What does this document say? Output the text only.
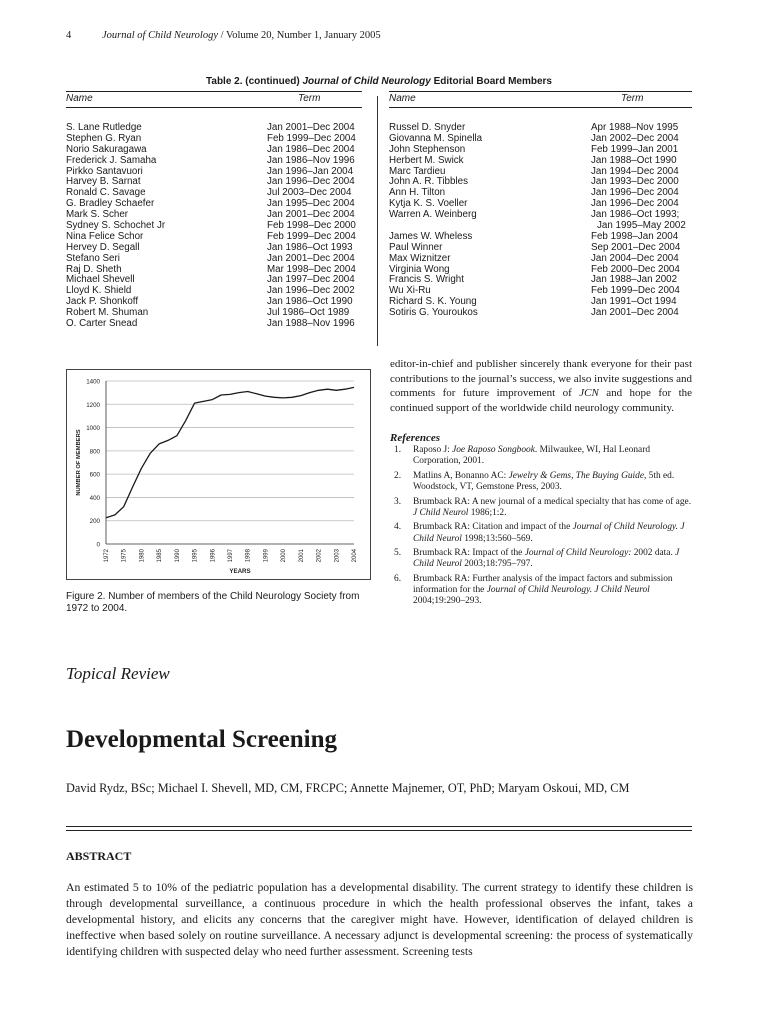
4	Journal of Child Neurology / Volume 20, Number 1, January 2005
Table 2. (continued) Journal of Child Neurology Editorial Board Members
Name	Term
S. Lane Rutledge	Jan 2001–Dec 2004
Stephen G. Ryan	Feb 1999–Dec 2004
Norio Sakuragawa	Jan 1986–Dec 2004
Frederick J. Samaha	Jan 1986–Nov 1996
Pirkko Santavuori	Jan 1996–Jan 2004
Harvey B. Sarnat	Jan 1996–Dec 2004
Ronald C. Savage	Jul 2003–Dec 2004
G. Bradley Schaefer	Jan 1995–Dec 2004
Mark S. Scher	Jan 2001–Dec 2004
Sydney S. Schochet Jr	Feb 1998–Dec 2000
Nina Felice Schor	Feb 1999–Dec 2004
Hervey D. Segall	Jan 1986–Oct 1993
Stefano Seri	Jan 2001–Dec 2004
Raj D. Sheth	Mar 1998–Dec 2004
Michael Shevell	Jan 1997–Dec 2004
Lloyd K. Shield	Jan 1996–Dec 2002
Jack P. Shonkoff	Jan 1986–Oct 1990
Robert M. Shuman	Jul 1986–Oct 1989
O. Carter Snead	Jan 1988–Nov 1996
Name	Term
Russel D. Snyder	Apr 1988–Nov 1995
Giovanna M. Spinella	Jan 2002–Dec 2004
John Stephenson	Feb 1999–Jan 2001
Herbert M. Swick	Jan 1988–Oct 1990
Marc Tardieu	Jan 1994–Dec 2004
John A. R. Tibbles	Jan 1993–Dec 2000
Ann H. Tilton	Jan 1996–Dec 2004
Kytja K. S. Voeller	Jan 1996–Dec 2004
Warren A. Weinberg	Jan 1986–Oct 1993;
Jan 1995–May 2002
James W. Wheless	Feb 1998–Jan 2004
Paul Winner	Sep 2001–Dec 2004
Max Wiznitzer	Jan 2004–Dec 2004
Virginia Wong	Feb 2000–Dec 2004
Francis S. Wright	Jan 1988–Jan 2002
Wu Xi-Ru	Feb 1999–Dec 2004
Richard S. K. Young	Jan 1991–Oct 1994
Sotiris G. Youroukos	Jan 2001–Dec 2004
0
200
400
600
800
1000
1200
1400
1972 1975 1980 1985 1990 1995 1996 1997 1998 1999 2000 2001 2002 2003 2004
NUMBER OF MEMBERS
YEARS
Figure 2. Number of members of the Child Neurology Society from 1972 to 2004.
editor-in-chief and publisher sincerely thank everyone for their past contributions to the journal’s success, we also invite suggestions and comments for future improvement of JCN and hope for the continued support of the worldwide child neurology community.
References
1. Raposo J: Joe Raposo Songbook. Milwaukee, WI, Hal Leonard Corporation, 2001.
2. Matlins A, Bonanno AC: Jewelry & Gems, The Buying Guide, 5th ed. Woodstock, VT, Gemstone Press, 2003.
3. Brumback RA: A new journal of a medical specialty that has come of age. J Child Neurol 1986;1:2.
4. Brumback RA: Citation and impact of the Journal of Child Neurology. J Child Neurol 1998;13:560–569.
5. Brumback RA: Impact of the Journal of Child Neurology: 2002 data. J Child Neurol 2003;18:795–797.
6. Brumback RA: Further analysis of the impact factors and submission information for the Journal of Child Neurology. J Child Neurol 2004;19:290–293.
Topical Review
Developmental Screening
David Rydz, BSc; Michael I. Shevell, MD, CM, FRCPC; Annette Majnemer, OT, PhD; Maryam Oskoui, MD, CM
ABSTRACT
An estimated 5 to 10% of the pediatric population has a developmental disability. The current strategy to identify these children is through developmental surveillance, a continuous procedure in which the health professional observes the infant, takes a developmental history, and elicits any concerns that the caregiver might have. However, identification of delayed children is ineffective when based solely on routine surveillance. A necessary adjunct is developmental screening: the process of systematically identifying children with suspected delay who need further assessment. Screening tests
